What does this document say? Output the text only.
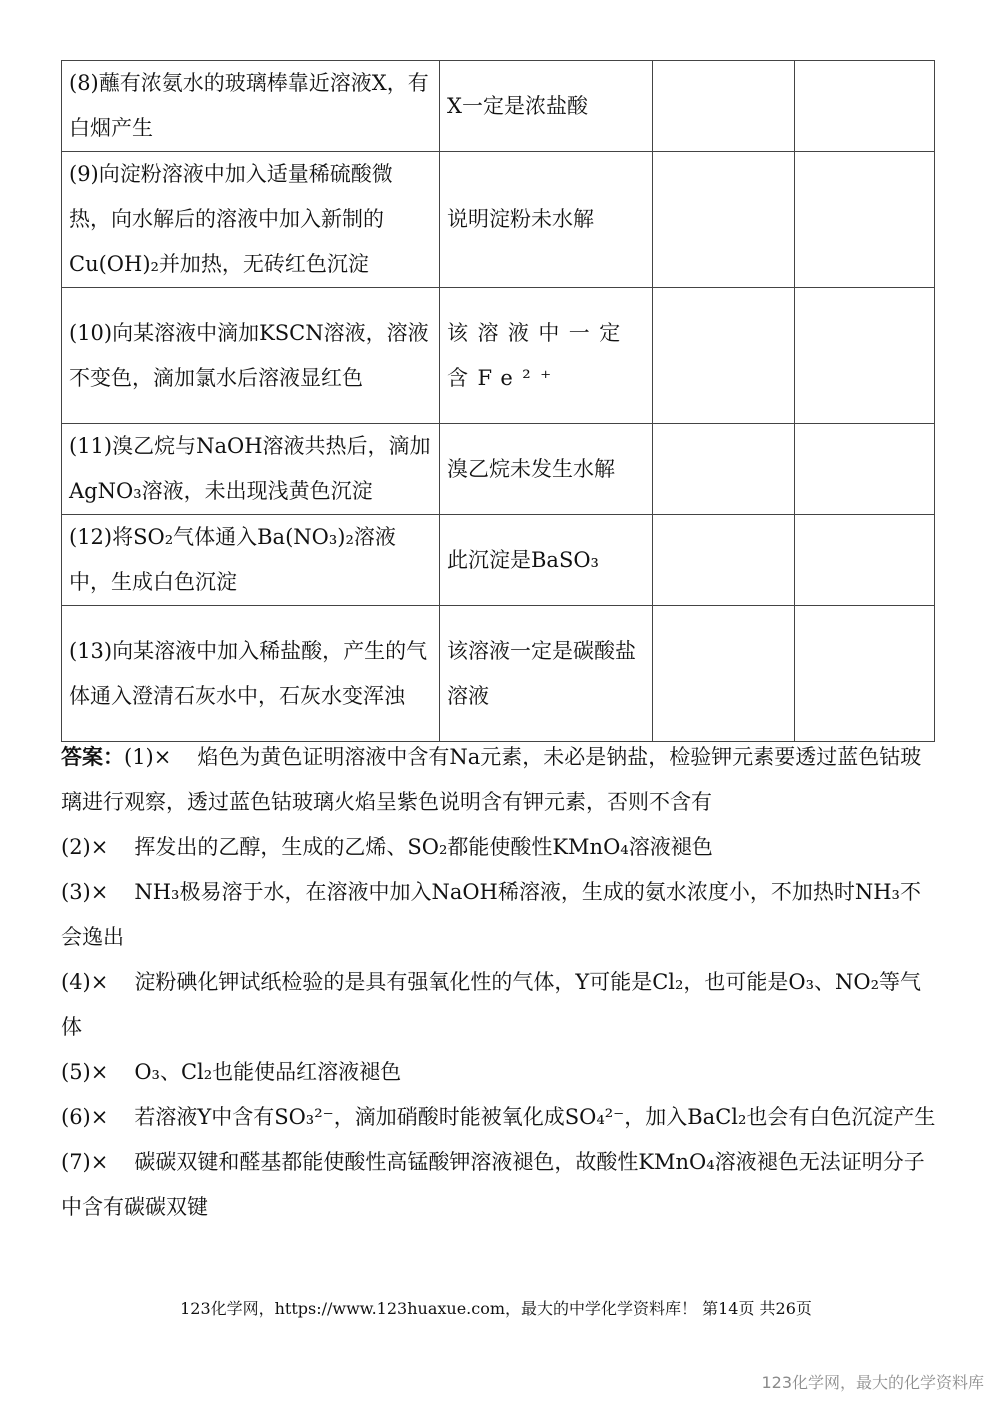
(8)蘸有浓氨水的玻璃棒靠近溶液X，有白烟产生	X一定是浓盐酸		

(9)向淀粉溶液中加入适量稀硫酸微热，向水解后的溶液中加入新制的Cu(OH)₂并加热，无砖红色沉淀	说明淀粉未水解		

(10)向某溶液中滴加KSCN溶液，溶液不变色，滴加氯水后溶液显红色	该溶液中一定含Fe²⁺		

(11)溴乙烷与NaOH溶液共热后，滴加AgNO₃溶液，未出现浅黄色沉淀	溴乙烷未发生水解		

(12)将SO₂气体通入Ba(NO₃)₂溶液中，生成白色沉淀	此沉淀是BaSO₃		

(13)向某溶液中加入稀盐酸，产生的气体通入澄清石灰水中，石灰水变浑浊	该溶液一定是碳酸盐溶液		

答案：(1)× 焰色为黄色证明溶液中含有Na元素，未必是钠盐，检验钾元素要透过蓝色钴玻璃进行观察，透过蓝色钴玻璃火焰呈紫色说明含有钾元素，否则不含有

(2)× 挥发出的乙醇，生成的乙烯、SO₂都能使酸性KMnO₄溶液褪色

(3)× NH₃极易溶于水，在溶液中加入NaOH稀溶液，生成的氨水浓度小，不加热时NH₃不会逸出

(4)× 淀粉碘化钾试纸检验的是具有强氧化性的气体，Y可能是Cl₂，也可能是O₃、NO₂等气体

(5)× O₃、Cl₂也能使品红溶液褪色

(6)× 若溶液Y中含有SO₃²⁻，滴加硝酸时能被氧化成SO₄²⁻，加入BaCl₂也会有白色沉淀产生

(7)× 碳碳双键和醛基都能使酸性高锰酸钾溶液褪色，故酸性KMnO₄溶液褪色无法证明分子中含有碳碳双键

123化学网，https://www.123huaxue.com，最大的中学化学资料库！ 第14页 共26页
123化学网，最大的化学资料库
